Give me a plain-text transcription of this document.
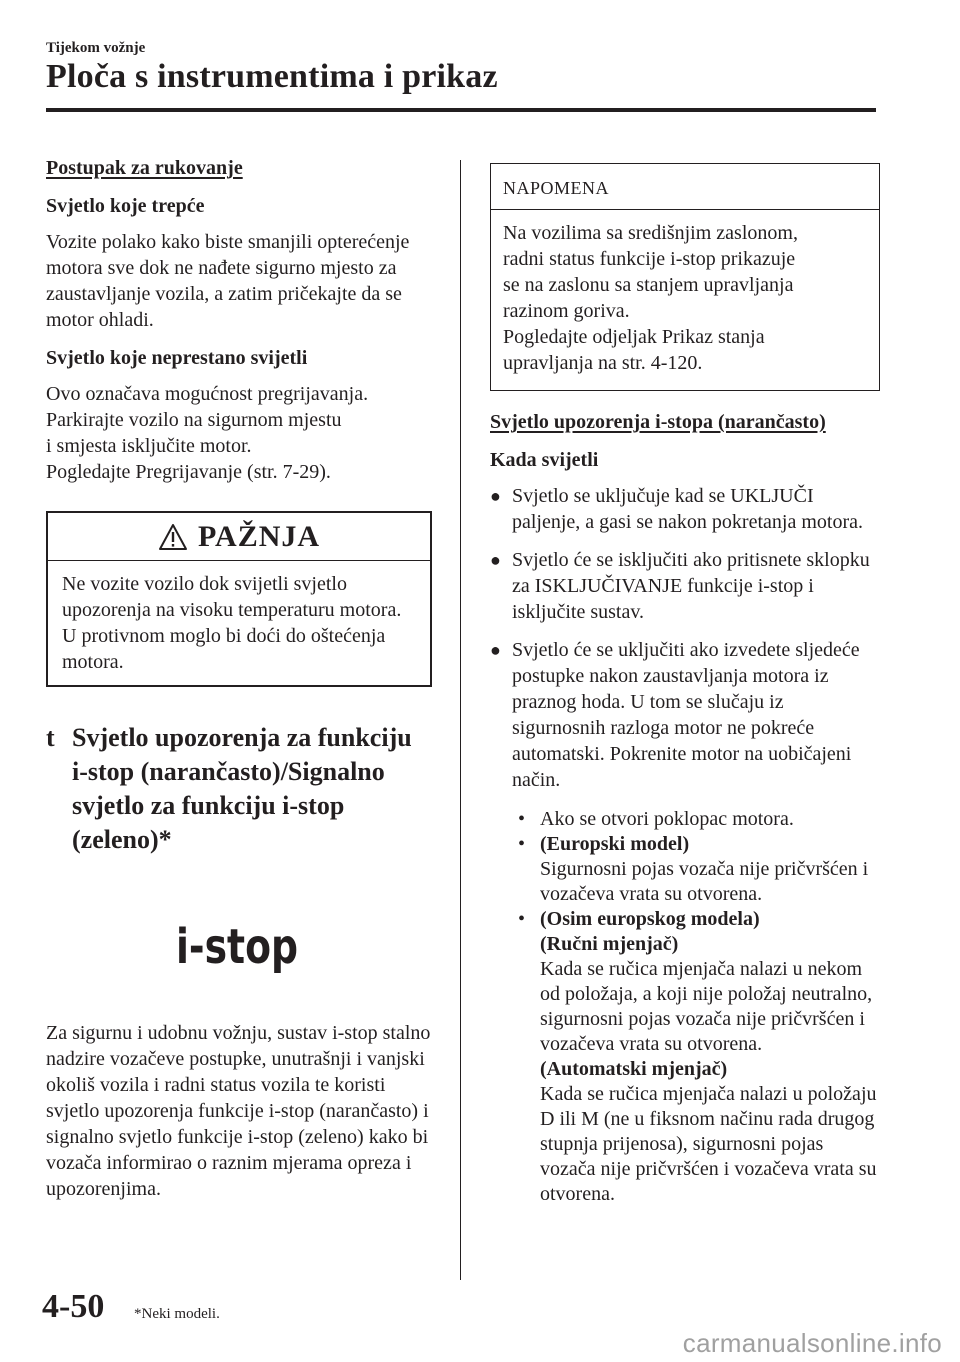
Tijekom vožnje
Ploča s instrumentima i prikaz
Postupak za rukovanje
Svjetlo koje trepće
Vozite polako kako biste smanjili opterećenje motora sve dok ne nađete sigurno mjesto za zaustavljanje vozila, a zatim pričekajte da se motor ohladi.
Svjetlo koje neprestano svijetli
Ovo označava mogućnost pregrijavanja.
Parkirajte vozilo na sigurnom mjestu
i smjesta isključite motor.
Pogledajte Pregrijavanje (str. 7-29).
PAŽNJA
Ne vozite vozilo dok svijetli svjetlo upozorenja na visoku temperaturu motora. U protivnom moglo bi doći do oštećenja motora.
t Svjetlo upozorenja za funkciju i-stop (narančasto)/Signalno svjetlo za funkciju i-stop (zeleno)*
i-stop
Za sigurnu i udobnu vožnju, sustav i-stop stalno nadzire vozačeve postupke, unutrašnji i vanjski okoliš vozila i radni status vozila te koristi svjetlo upozorenja funkcije i-stop (narančasto) i signalno svjetlo funkcije i-stop (zeleno) kako bi vozača informirao o raznim mjerama opreza i upozorenjima.
NAPOMENA
Na vozilima sa središnjim zaslonom,
radni status funkcije i-stop prikazuje
se na zaslonu sa stanjem upravljanja
razinom goriva.
Pogledajte odjeljak Prikaz stanja
upravljanja na str. 4-120.
Svjetlo upozorenja i-stopa (narančasto)
Kada svijetli
● Svjetlo se uključuje kad se UKLJUČI paljenje, a gasi se nakon pokretanja motora.
● Svjetlo će se isključiti ako pritisnete sklopku za ISKLJUČIVANJE funkcije i-stop i isključite sustav.
● Svjetlo će se uključiti ako izvedete sljedeće postupke nakon zaustavljanja motora iz praznog hoda. U tom se slučaju iz sigurnosnih razloga motor ne pokreće automatski. Pokrenite motor na uobičajeni način.
• Ako se otvori poklopac motora.
• (Europski model)
Sigurnosni pojas vozača nije pričvršćen i vozačeva vrata su otvorena.
• (Osim europskog modela)
(Ručni mjenjač)
Kada se ručica mjenjača nalazi u nekom od položaja, a koji nije položaj neutralno, sigurnosni pojas vozača nije pričvršćen i vozačeva vrata su otvorena.
(Automatski mjenjač)
Kada se ručica mjenjača nalazi u položaju D ili M (ne u fiksnom načinu rada drugog stupnja prijenosa), sigurnosni pojas vozača nije pričvršćen i vozačeva vrata su otvorena.
4-50 *Neki modeli.
carmanualsonline.info
